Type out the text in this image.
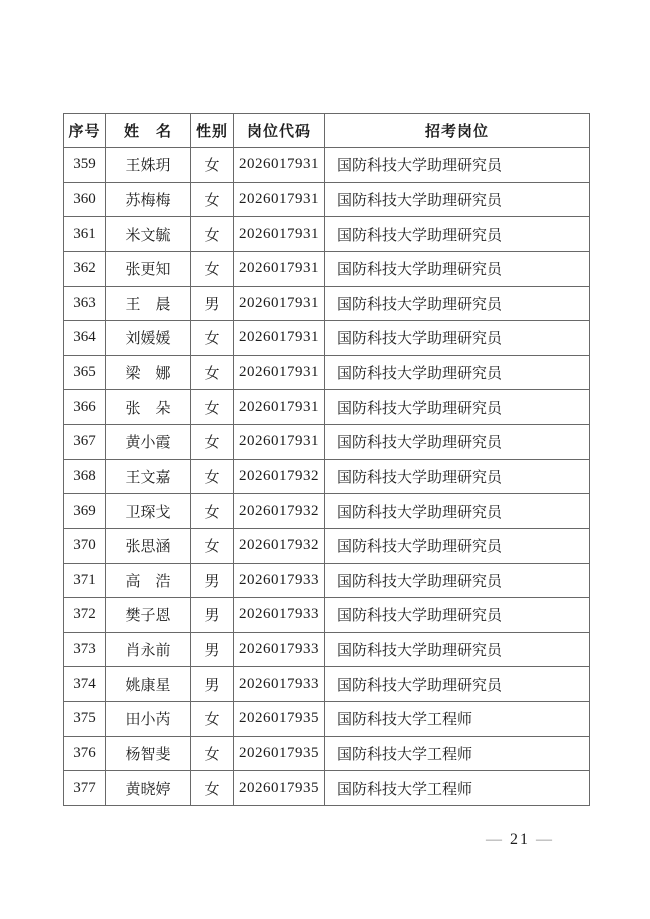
序号	姓　名	性别	岗位代码	招考岗位
359	王姝玥	女	2026017931	国防科技大学助理研究员
360	苏梅梅	女	2026017931	国防科技大学助理研究员
361	米文毓	女	2026017931	国防科技大学助理研究员
362	张更知	女	2026017931	国防科技大学助理研究员
363	王　晨	男	2026017931	国防科技大学助理研究员
364	刘媛媛	女	2026017931	国防科技大学助理研究员
365	梁　娜	女	2026017931	国防科技大学助理研究员
366	张　朵	女	2026017931	国防科技大学助理研究员
367	黄小霞	女	2026017931	国防科技大学助理研究员
368	王文嘉	女	2026017932	国防科技大学助理研究员
369	卫琛戈	女	2026017932	国防科技大学助理研究员
370	张思涵	女	2026017932	国防科技大学助理研究员
371	高　浩	男	2026017933	国防科技大学助理研究员
372	樊子恩	男	2026017933	国防科技大学助理研究员
373	肖永前	男	2026017933	国防科技大学助理研究员
374	姚康星	男	2026017933	国防科技大学助理研究员
375	田小芮	女	2026017935	国防科技大学工程师
376	杨智斐	女	2026017935	国防科技大学工程师
377	黄晓婷	女	2026017935	国防科技大学工程师
— 21 —
